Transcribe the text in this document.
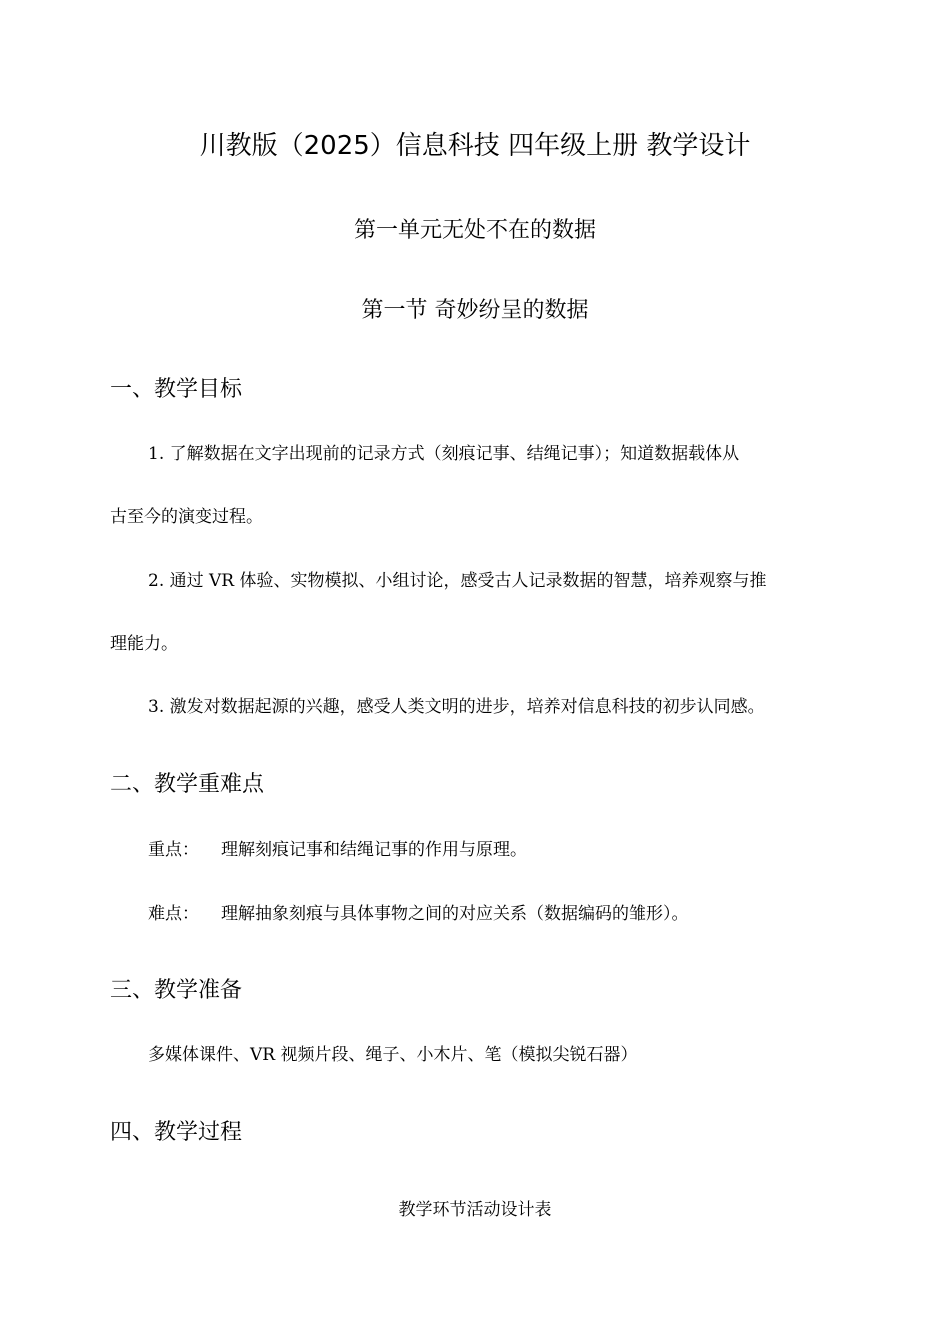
川教版（2025）信息科技 四年级上册 教学设计
第一单元无处不在的数据
第一节 奇妙纷呈的数据
一、教学目标
1. 了解数据在文字出现前的记录方式（刻痕记事、结绳记事）；知道数据载体从
古至今的演变过程。
2. 通过 VR 体验、实物模拟、小组讨论，感受古人记录数据的智慧，培养观察与推
理能力。
3. 激发对数据起源的兴趣，感受人类文明的进步，培养对信息科技的初步认同感。
二、教学重难点
重点： 理解刻痕记事和结绳记事的作用与原理。
难点： 理解抽象刻痕与具体事物之间的对应关系（数据编码的雏形）。
三、教学准备
多媒体课件、VR 视频片段、绳子、小木片、笔（模拟尖锐石器）
四、教学过程
教学环节活动设计表
